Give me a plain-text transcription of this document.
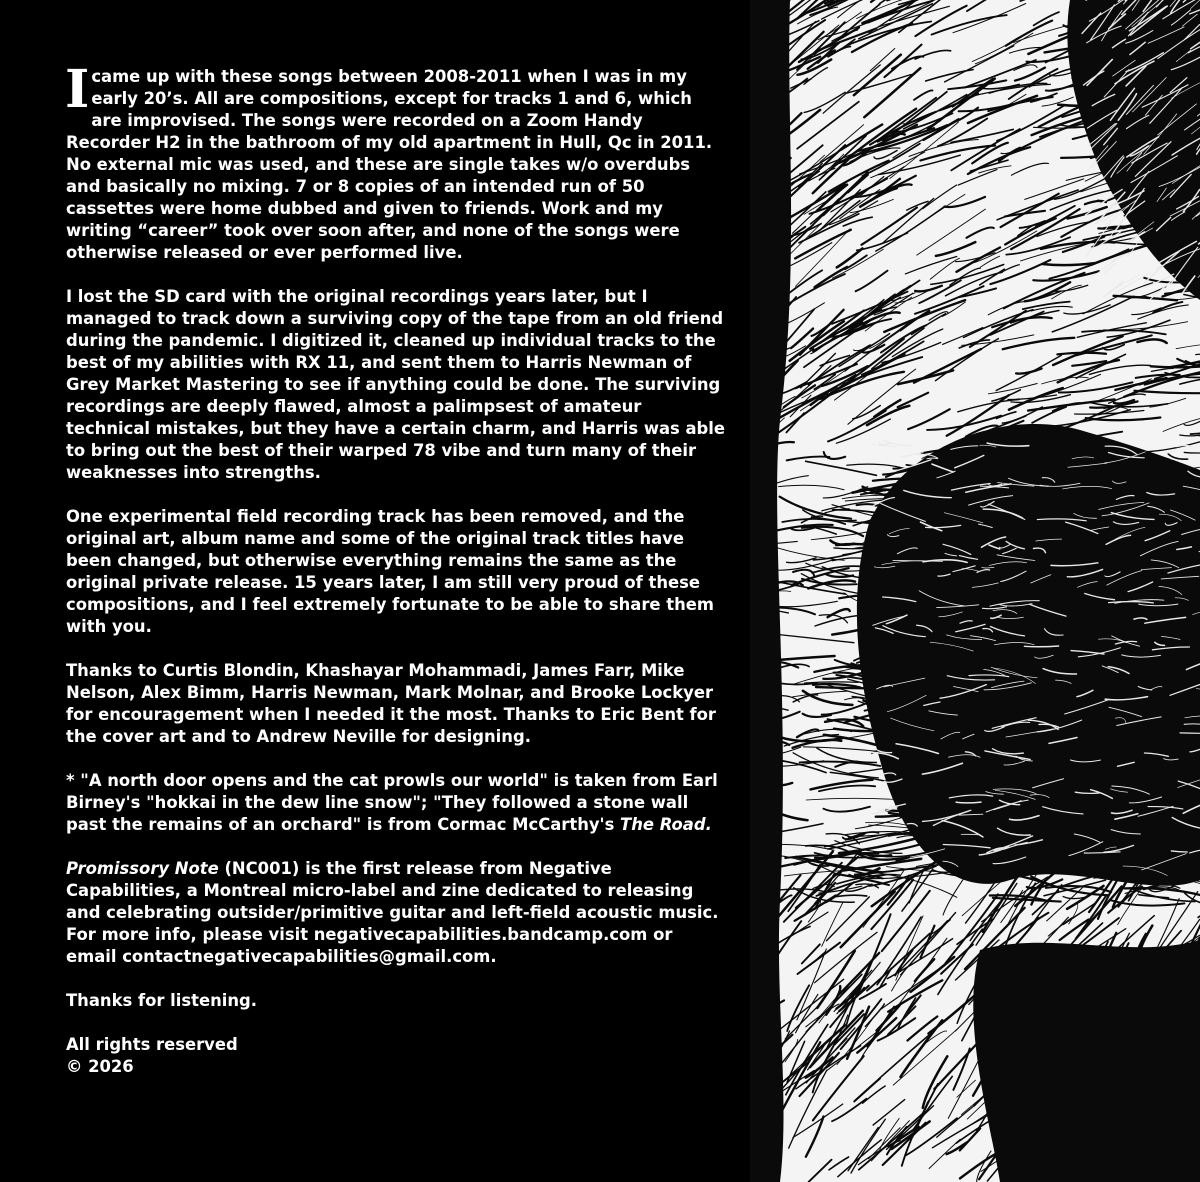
I came up with these songs between 2008-2011 when I was in my early 20’s. All are compositions, except for tracks 1 and 6, which are improvised. The songs were recorded on a Zoom Handy Recorder H2 in the bathroom of my old apartment in Hull, Qc in 2011. No external mic was used, and these are single takes w/o overdubs and basically no mixing. 7 or 8 copies of an intended run of 50 cassettes were home dubbed and given to friends. Work and my writing “career” took over soon after, and none of the songs were otherwise released or ever performed live.

I lost the SD card with the original recordings years later, but I managed to track down a surviving copy of the tape from an old friend during the pandemic. I digitized it, cleaned up individual tracks to the best of my abilities with RX 11, and sent them to Harris Newman of Grey Market Mastering to see if anything could be done. The surviving recordings are deeply flawed, almost a palimpsest of amateur technical mistakes, but they have a certain charm, and Harris was able to bring out the best of their warped 78 vibe and turn many of their weaknesses into strengths.

One experimental field recording track has been removed, and the original art, album name and some of the original track titles have been changed, but otherwise everything remains the same as the original private release. 15 years later, I am still very proud of these compositions, and I feel extremely fortunate to be able to share them with you.

Thanks to Curtis Blondin, Khashayar Mohammadi, James Farr, Mike Nelson, Alex Bimm, Harris Newman, Mark Molnar, and Brooke Lockyer for encouragement when I needed it the most. Thanks to Eric Bent for the cover art and to Andrew Neville for designing.

* "A north door opens and the cat prowls our world" is taken from Earl Birney's "hokkai in the dew line snow"; "They followed a stone wall past the remains of an orchard" is from Cormac McCarthy's The Road.

Promissory Note (NC001) is the first release from Negative Capabilities, a Montreal micro-label and zine dedicated to releasing and celebrating outsider/primitive guitar and left-field acoustic music. For more info, please visit negativecapabilities.bandcamp.com or email contactnegativecapabilities@gmail.com.

Thanks for listening.

All rights reserved

© 2026
